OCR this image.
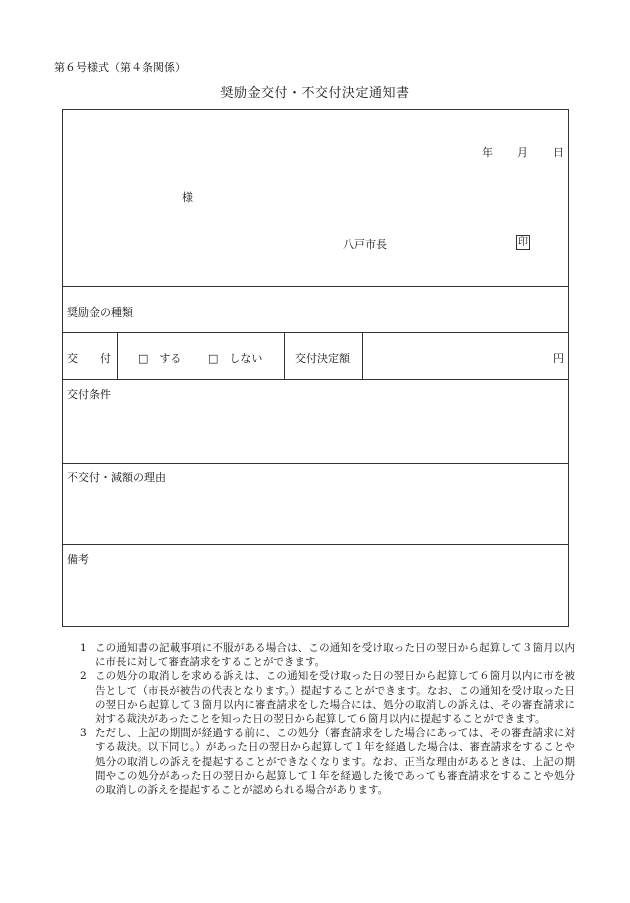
第６号様式（第４条関係）
奨励金交付・不交付決定通知書
年 月 日
様
八戸市長	印
奨励金の種類
交　　付 □　する □　しない	交付決定額	円
交付条件
不交付・減額の理由
備考
1 この通知書の記載事項に不服がある場合は、この通知を受け取った日の翌日から起算して３箇月以内に市長に対して審査請求をすることができます。
2 この処分の取消しを求める訴えは、この通知を受け取った日の翌日から起算して６箇月以内に市を被告として（市長が被告の代表となります。）提起することができます。なお、この通知を受け取った日の翌日から起算して３箇月以内に審査請求をした場合には、処分の取消しの訴えは、その審査請求に対する裁決があったことを知った日の翌日から起算して６箇月以内に提起することができます。
3 ただし、上記の期間が経過する前に、この処分（審査請求をした場合にあっては、その審査請求に対する裁決。以下同じ。）があった日の翌日から起算して１年を経過した場合は、審査請求をすることや処分の取消しの訴えを提起することができなくなります。なお、正当な理由があるときは、上記の期間やこの処分があった日の翌日から起算して１年を経過した後であっても審査請求をすることや処分の取消しの訴えを提起することが認められる場合があります。
